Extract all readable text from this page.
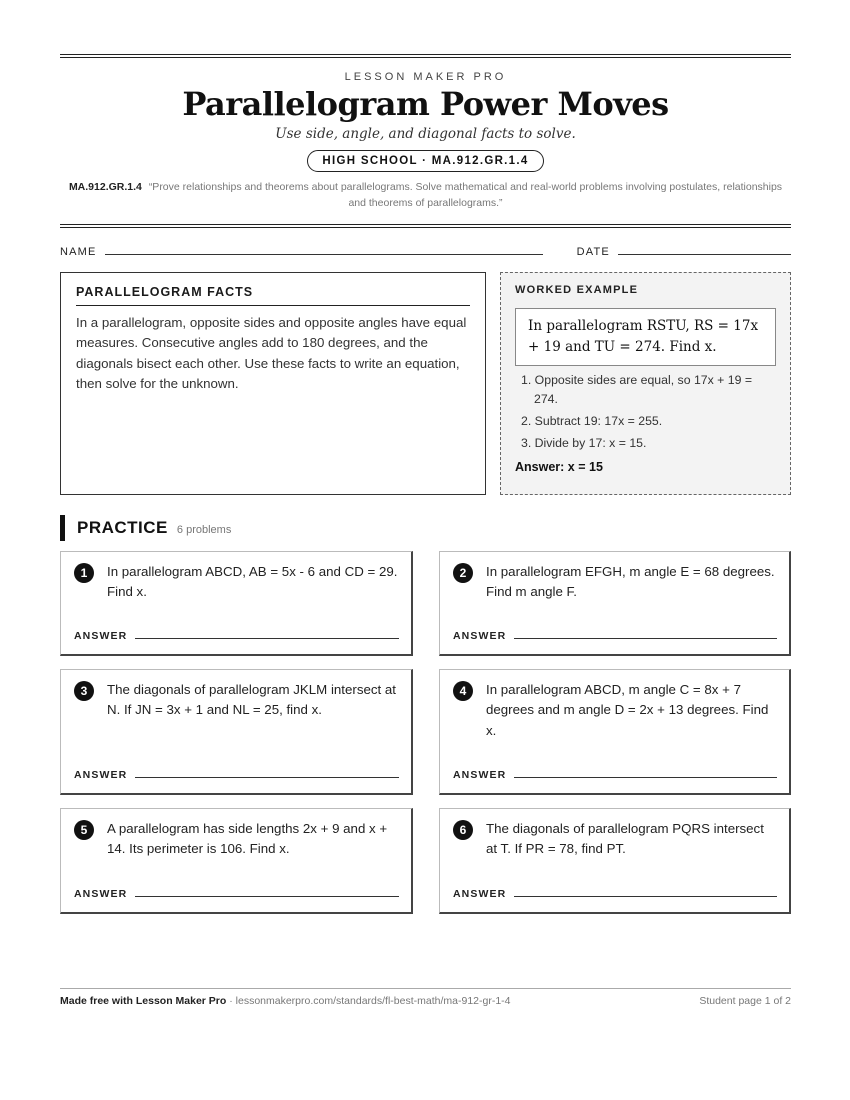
LESSON MAKER PRO
Parallelogram Power Moves
Use side, angle, and diagonal facts to solve.
HIGH SCHOOL · MA.912.GR.1.4
MA.912.GR.1.4 “Prove relationships and theorems about parallelograms. Solve mathematical and real-world problems involving postulates, relationships and theorems of parallelograms.”
NAME	DATE
PARALLELOGRAM FACTS

In a parallelogram, opposite sides and opposite angles have equal measures. Consecutive angles add to 180 degrees, and the diagonals bisect each other. Use these facts to write an equation, then solve for the unknown.

WORKED EXAMPLE
In parallelogram RSTU, RS = 17x + 19 and TU = 274. Find x.
1. Opposite sides are equal, so 17x + 19 = 274.
2. Subtract 19: 17x = 255.
3. Divide by 17: x = 15.
Answer: x = 15
PRACTICE 6 problems
1	In parallelogram ABCD, AB = 5x - 6 and CD = 29. Find x.
ANSWER
2	In parallelogram EFGH, m angle E = 68 degrees. Find m angle F.
ANSWER
3	The diagonals of parallelogram JKLM intersect at N. If JN = 3x + 1 and NL = 25, find x.
ANSWER
4	In parallelogram ABCD, m angle C = 8x + 7 degrees and m angle D = 2x + 13 degrees. Find x.
ANSWER
5	A parallelogram has side lengths 2x + 9 and x + 14. Its perimeter is 106. Find x.
ANSWER
6	The diagonals of parallelogram PQRS intersect at T. If PR = 78, find PT.
ANSWER
Made free with Lesson Maker Pro · lessonmakerpro.com/standards/fl-best-math/ma-912-gr-1-4	Student page 1 of 2
